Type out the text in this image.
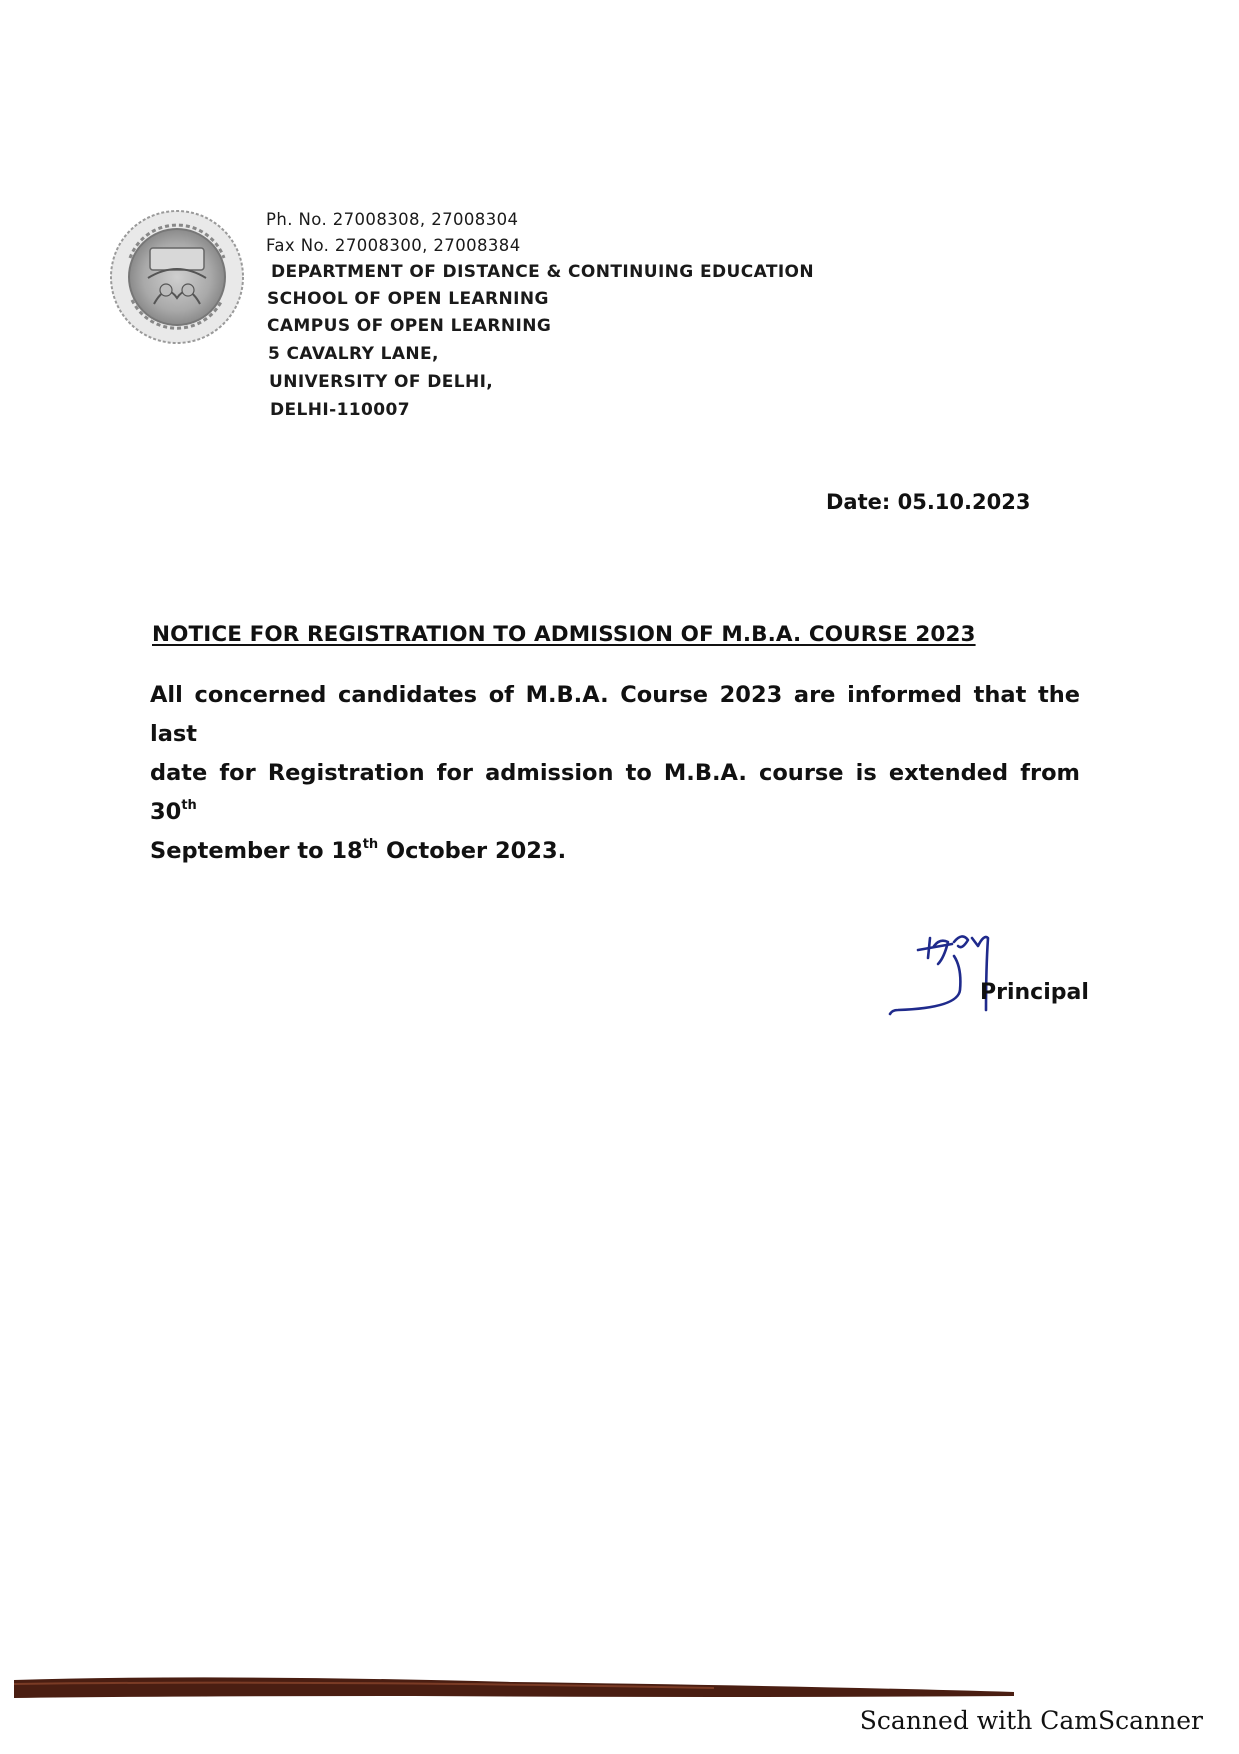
Ph. No. 27008308, 27008304
Fax No. 27008300, 27008384
DEPARTMENT OF DISTANCE & CONTINUING EDUCATION
SCHOOL OF OPEN LEARNING
CAMPUS OF OPEN LEARNING
5 CAVALRY LANE,
UNIVERSITY OF DELHI,
DELHI-110007
Date: 05.10.2023
NOTICE FOR REGISTRATION TO ADMISSION OF M.B.A. COURSE 2023
All concerned candidates of M.B.A. Course 2023 are informed that the last
date for Registration for admission to M.B.A. course is extended from 30th
September to 18th October 2023.
Principal
Scanned with CamScanner
